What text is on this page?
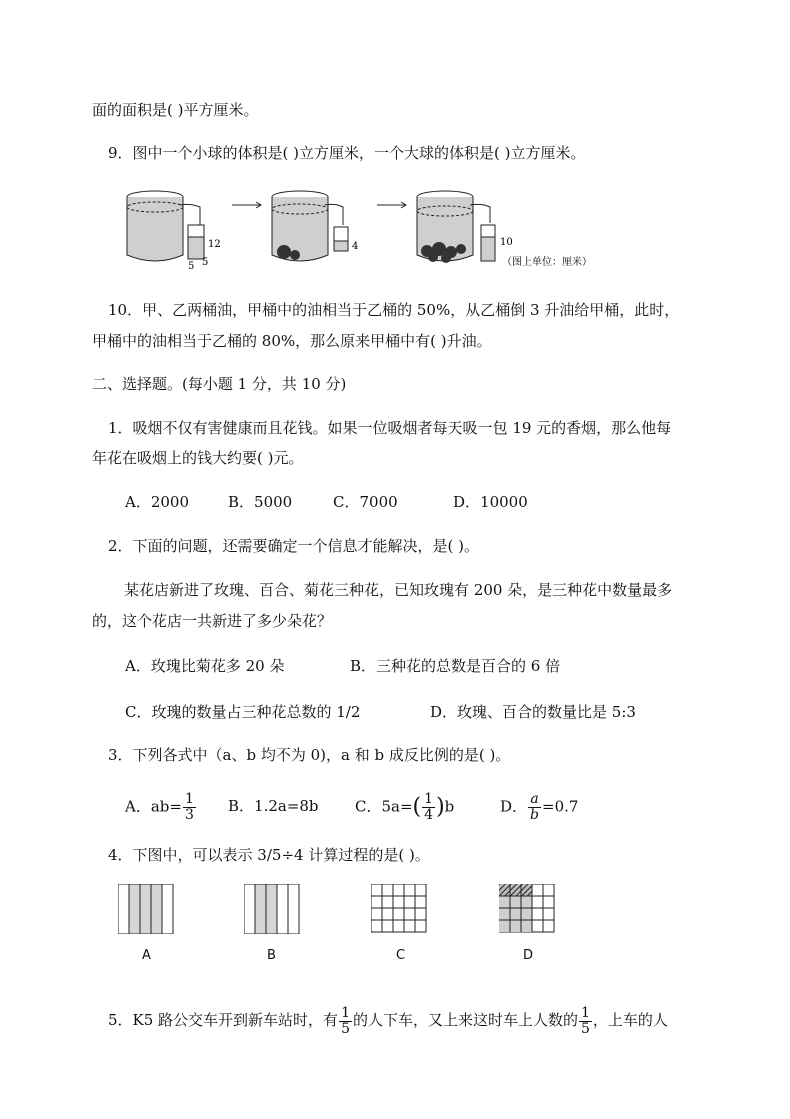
面的面积是( )平方厘米。
9．图中一个小球的体积是( )立方厘米，一个大球的体积是( )立方厘米。
12
5 5
4	10
（图上单位：厘米）
10．甲、乙两桶油，甲桶中的油相当于乙桶的 50%，从乙桶倒 3 升油给甲桶，此时，
甲桶中的油相当于乙桶的 80%，那么原来甲桶中有( )升油。
二、选择题。(每小题 1 分，共 10 分)
1．吸烟不仅有害健康而且花钱。如果一位吸烟者每天吸一包 19 元的香烟，那么他每
年花在吸烟上的钱大约要( )元。
A．2000	B．5000	C．7000	D．10000
2．下面的问题，还需要确定一个信息才能解决，是( )。
某花店新进了玫瑰、百合、菊花三种花，已知玫瑰有 200 朵，是三种花中数量最多
的，这个花店一共新进了多少朵花？
A．玫瑰比菊花多 20 朵	B．三种花的总数是百合的 6 倍
C．玫瑰的数量占三种花总数的 1/2	D．玫瑰、百合的数量比是 5:3
3．下列各式中（a、b 均不为 0)，a 和 b 成反比例的是( )。
A．$ab= \frac{1}{3}$ B．1.2a=8b C．$5a=( \frac{1}{4} )b$	D． $\frac{a}{b} =0.7$
4．下图中，可以表示 3/5÷4 计算过程的是( )。
A	B	C	D
5．K5 路公交车开到新车站时，有 $\frac{1}{5}$ 的人下车，又上来这时车上人数的 $\frac{1}{5}$ ，上车的人
